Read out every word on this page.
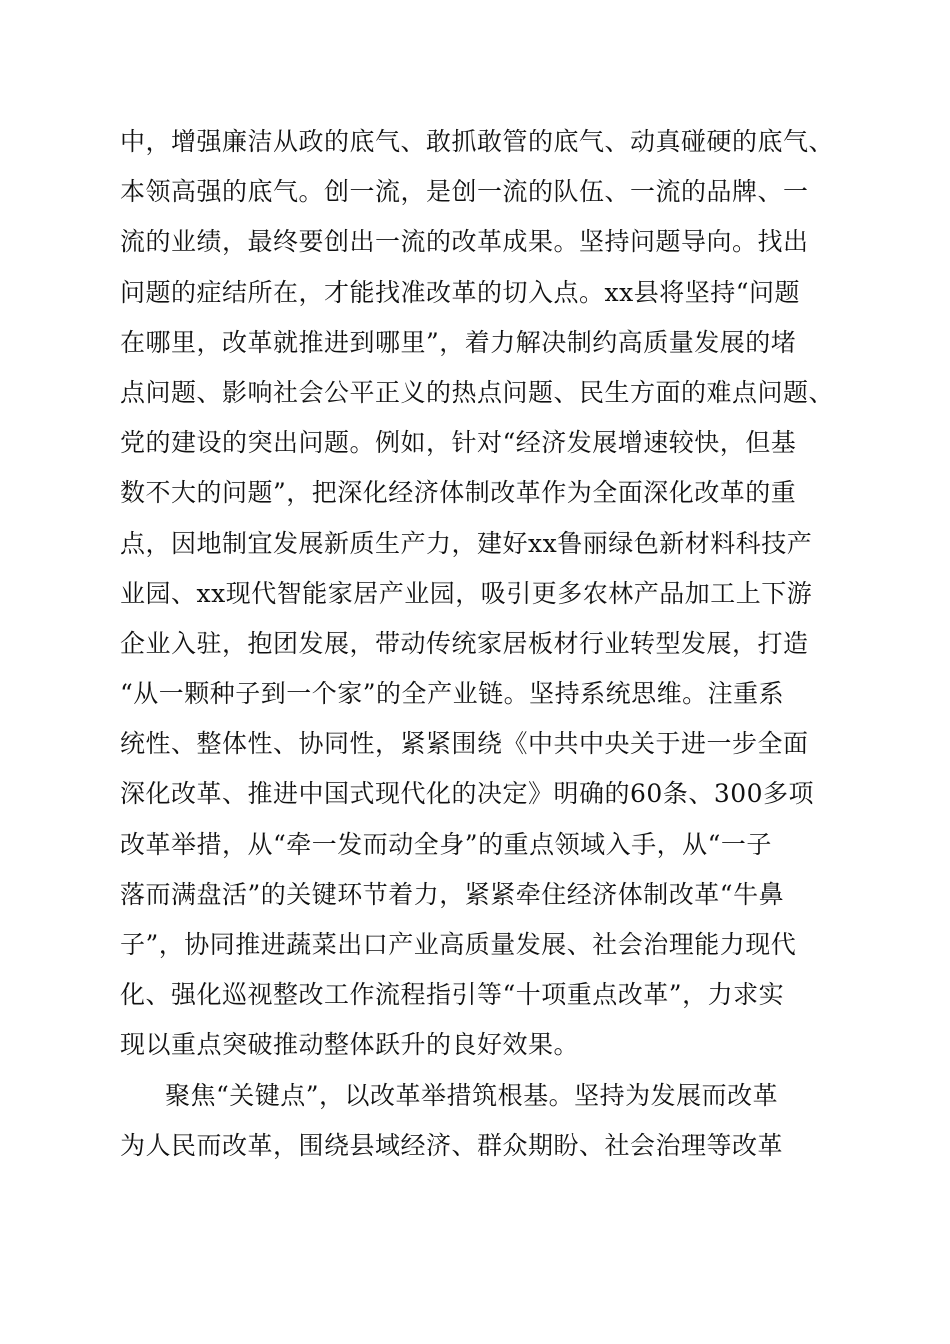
中，增强廉洁从政的底气、敢抓敢管的底气、动真碰硬的底气、
本领高强的底气。创一流，是创一流的队伍、一流的品牌、一
流的业绩，最终要创出一流的改革成果。坚持问题导向。找出
问题的症结所在，才能找准改革的切入点。xx县将坚持“问题
在哪里，改革就推进到哪里”，着力解决制约高质量发展的堵
点问题、影响社会公平正义的热点问题、民生方面的难点问题、
党的建设的突出问题。例如，针对“经济发展增速较快，但基
数不大的问题”，把深化经济体制改革作为全面深化改革的重
点，因地制宜发展新质生产力，建好xx鲁丽绿色新材料科技产
业园、xx现代智能家居产业园，吸引更多农林产品加工上下游
企业入驻，抱团发展，带动传统家居板材行业转型发展，打造
“从一颗种子到一个家”的全产业链。坚持系统思维。注重系
统性、整体性、协同性，紧紧围绕《中共中央关于进一步全面
深化改革、推进中国式现代化的决定》明确的60条、300多项
改革举措，从“牵一发而动全身”的重点领域入手，从“一子
落而满盘活”的关键环节着力，紧紧牵住经济体制改革“牛鼻
子”，协同推进蔬菜出口产业高质量发展、社会治理能力现代
化、强化巡视整改工作流程指引等“十项重点改革”，力求实
现以重点突破推动整体跃升的良好效果。
聚焦“关键点”，以改革举措筑根基。坚持为发展而改革
为人民而改革，围绕县域经济、群众期盼、社会治理等改革
